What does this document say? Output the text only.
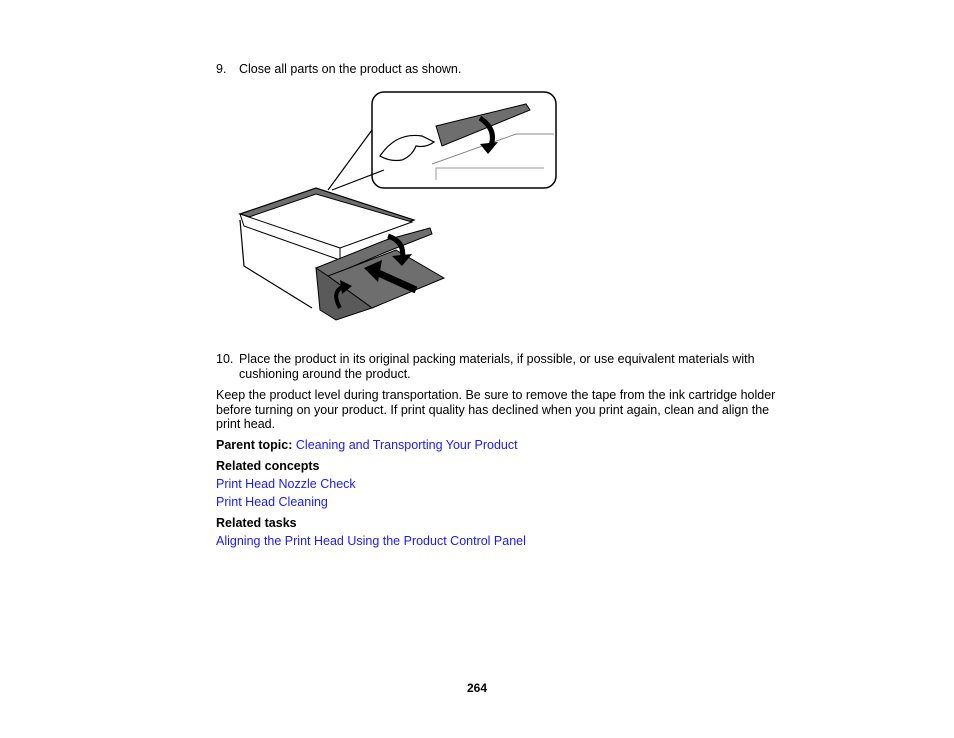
9. Close all parts on the product as shown.
10. Place the product in its original packing materials, if possible, or use equivalent materials with
cushioning around the product.
Keep the product level during transportation. Be sure to remove the tape from the ink cartridge holder
before turning on your product. If print quality has declined when you print again, clean and align the
print head.
Parent topic: Cleaning and Transporting Your Product
Related concepts
Print Head Nozzle Check
Print Head Cleaning
Related tasks
Aligning the Print Head Using the Product Control Panel
264
